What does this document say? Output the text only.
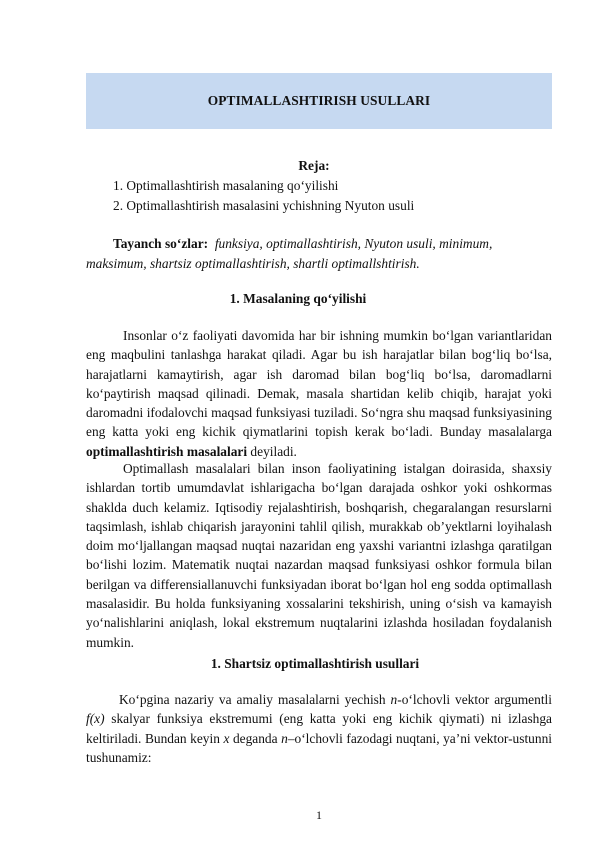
OPTIMALLASHTIRISH USULLARI
Reja:
1. Optimallashtirish masalaning qo‘yilishi
2. Optimallashtirish masalasini ychishning Nyuton usuli
Tayanch so‘zlar: funksiya, optimallashtirish, Nyuton usuli, minimum, maksimum, shartsiz optimallashtirish, shartli optimallshtirish.
1. Masalaning qo‘yilishi
Insonlar o‘z faoliyati davomida har bir ishning mumkin bo‘lgan variantlaridan eng maqbulini tanlashga harakat qiladi. Agar bu ish harajatlar bilan bog‘liq bo‘lsa, harajatlarni kamaytirish, agar ish daromad bilan bog‘liq bo‘lsa, daromadlarni ko‘paytirish maqsad qilinadi. Demak, masala shartidan kelib chiqib, harajat yoki daromadni ifodalovchi maqsad funksiyasi tuziladi. So‘ngra shu maqsad funksiyasining eng katta yoki eng kichik qiymatlarini topish kerak bo‘ladi. Bunday masalalarga optimallashtirish masalalari deyiladi.
Optimallash masalalari bilan inson faoliyatining istalgan doirasida, shaxsiy ishlardan tortib umumdavlat ishlarigacha bo‘lgan darajada oshkor yoki oshkormas shaklda duch kelamiz. Iqtisodiy rejalashtirish, boshqarish, chegaralangan resurslarni taqsimlash, ishlab chiqarish jarayonini tahlil qilish, murakkab ob’yektlarni loyihalash doim mo‘ljallangan maqsad nuqtai nazaridan eng yaxshi variantni izlashga qaratilgan bo‘lishi lozim. Matematik nuqtai nazardan maqsad funksiyasi oshkor formula bilan berilgan va differensiallanuvchi funksiyadan iborat bo‘lgan hol eng sodda optimallash masalasidir. Bu holda funksiyaning xossalarini tekshirish, uning o‘sish va kamayish yo‘nalishlarini aniqlash, lokal ekstremum nuqtalarini izlashda hosiladan foydalanish mumkin.
1. Shartsiz optimallashtirish usullari
Ko‘pgina nazariy va amaliy masalalarni yechish n-o‘lchovli vektor argumentli f(x) skalyar funksiya ekstremumi (eng katta yoki eng kichik qiymati) ni izlashga keltiriladi. Bundan keyin x deganda n–o‘lchovli fazodagi nuqtani, ya’ni vektor-ustunni tushunamiz:
1
